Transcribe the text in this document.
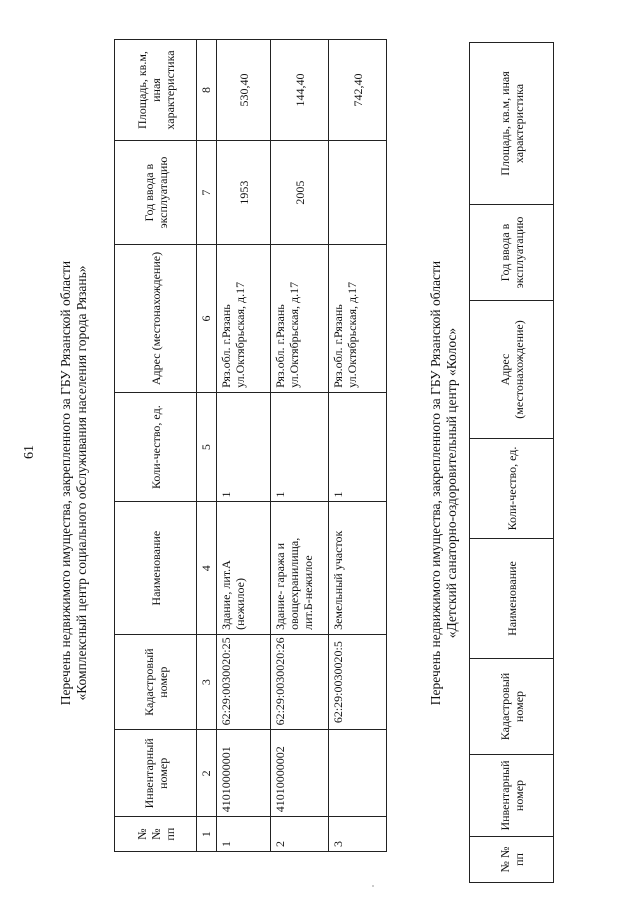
61 Перечень недвижимого имущества, закрепленного за ГБУ Рязанской области «Комплексный центр социального обслуживания населения города Рязань»
№ № пп	Инвентарный номер	Кадастровый номер	Наименование	Коли-чество, ед.	Адрес (местонахождение)	Год ввода в эксплуатацию	Площадь, кв.м, иная характеристика
1	2	3	4	5	6	7	8
1	41010000001	62:29:0030020:25	Здание, лит.А (нежилое)	1	Ряз.обл. г.Рязань ул.Октябрьская, д.17	1953	530,40
2	41010000002	62:29:0030020:26	Здание- гаража и овощехранилища, лит.Б-нежилое	1	Ряз.обл. г.Рязань ул.Октябрьская, д.17	2005	144,40
3		62:29:0030020:5	Земельный участок	1	Ряз.обл. г.Рязань ул.Октябрьская, д.17		742,40
Перечень недвижимого имущества, закрепленного за ГБУ Рязанской области «Детский санаторно-оздоровительный центр «Колос»
№ № пп	Инвентарный номер	Кадастровый номер	Наименование	Коли-чество, ед.	Адрес (местонахождение)	Год ввода в эксплуатацию	Площадь, кв.м, иная характеристика
